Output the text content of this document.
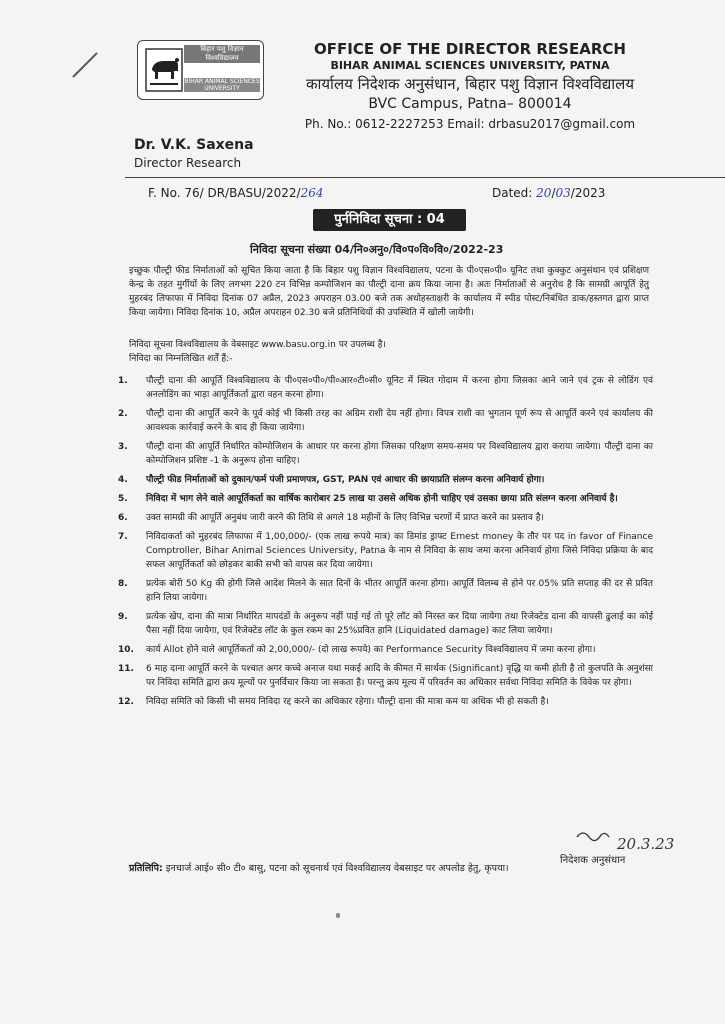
बिहार पशु विज्ञान विश्वविद्यालय
BIHAR ANIMAL SCIENCES UNIVERSITY
OFFICE OF THE DIRECTOR RESEARCH
BIHAR ANIMAL SCIENCES UNIVERSITY, PATNA
कार्यालय निदेशक अनुसंधान, बिहार पशु विज्ञान विश्वविद्यालय
BVC Campus, Patna– 800014
Ph. No.: 0612-2227253 Email: drbasu2017@gmail.com
Dr. V.K. Saxena
Director Research
F. No. 76/ DR/BASU/2022/264	Dated: 20/03/2023
पुर्ननिविदा सूचना : 04
निविदा सूचना संख्या 04/नि०अनु०/वि०प०वि०वि०/2022-23
इच्छुक पौल्ट्री फीड निर्माताओं को सूचित किया जाता है कि बिहार पशु विज्ञान विश्वविद्यालय, पटना के पी०एस०पी० यूनिट तथा कुक्कुट अनुसंधान एवं प्रशिक्षण केन्द्र के तहत मुर्गीयों के लिए लगभग 220 टन विभिन्न कम्पोजिशन का पौल्ट्री दाना क्रय किया जाना है। अतः निर्माताओं से अनुरोध है कि सामग्री आपूर्ति हेतु मुहरबंद लिफाफा में निविदा दिनांक 07 अप्रैल, 2023 अपराहन 03.00 बजे तक अधोहस्ताक्षरी के कार्यालय में स्पीड पोस्ट/निबंधित डाक/हस्तगत द्वारा प्राप्त किया जायेगा। निविदा दिनांक 10, अप्रैल अपराहन 02.30 बजे प्रतिनिधियों की उपस्थिति में खोली जायेगी।
निविदा सूचना विश्वविद्यालय के वेबसाइट www.basu.org.in पर उपलब्ध है।
निविदा का निम्नलिखित शर्तें हैं:-
1.	पौल्ट्री दाना की आपूर्ति विश्वविद्यालय के पी०एस०पी०/पी०आर०टी०सी० यूनिट में स्थित गोदाम में करना होगा जिसका आने जाने एवं ट्रक से लोडिंग एवं अनलोडिंग का भाड़ा आपूर्तिकर्ता द्वारा वहन करना होगा।
2.	पौल्ट्री दाना की आपूर्ति करने के पूर्व कोई भी किसी तरह का अग्रिम राशी देय नहीं होगा। विपत्र राशी का भुगतान पूर्ण रूप से आपूर्ति करने एवं कार्यालय की आवश्यक कार्रवाई करने के बाद ही किया जायेगा।
3.	पौल्ट्री दाना की आपूर्ति निर्धारित कोम्पोजिशन के आधार पर करना होगा जिसका परिक्षण समय-समय पर विश्वविद्यालय द्वारा कराया जायेगा। पौल्ट्री दाना का कोम्पोजिशन प्रशिष्ट -1 के अनुरूप होना चाहिए।
4.	पौल्ट्री फीड निर्माताओं को दुकान/फर्म पंजी प्रमाणपत्र, GST, PAN एवं आधार की छायाप्रति संलग्न करना अनिवार्य होगा।
5.	निविदा में भाग लेने वाले आपूर्तिकर्ता का वार्षिक कारोबार 25 लाख या उससे अधिक होनी चाहिए एवं उसका छाया प्रति संलग्न करना अनिवार्य है।
6.	उक्त सामग्री की आपूर्ति अनुबंध जारी करने की तिथि से अगले 18 महीनों के लिए विभिन्न चरणों में प्राप्त करने का प्रस्ताव है।
7.	निविदाकर्ता को मुहरबंद लिफाफा में 1,00,000/- (एक लाख रूपये मात्र) का डिमांड ड्राफ्ट Ernest money के तौर पर पद in favor of Finance Comptroller, Bihar Animal Sciences University, Patna के नाम से निविदा के साथ जमा करना अनिवार्य होगा जिसे निविदा प्रक्रिया के बाद सफल आपूर्तिकर्ता को छोड़कर बाकी सभी को वापस कर दिया जायेगा।
8.	प्रत्येक बोरी 50 Kg की होगी जिसे आदेश मिलने के सात दिनों के भीतर आपूर्ति करना होगा। आपूर्ति विलम्ब से होने पर 05% प्रति सप्ताह की दर से प्रवित हानि लिया जायेगा।
9.	प्रत्येक खेप, दाना की मात्रा निर्धारित मापदंडों के अनुरूप नहीं पाई गई तो पूरे लॉट को निरस्त कर दिया जायेगा तथा रिजेक्टेड दाना की वापसी ढुलाई का कोई पैसा नहीं दिया जायेगा, एवं रिजेक्टेड लॉट के कुल रकम का 25%प्रवित हानि (Liquidated damage) काट लिया जायेगा।
10.	कार्य Allot होने वाले आपूर्तिकर्ता को 2,00,000/- (दो लाख रूपये) का Performance Security विश्वविद्यालय में जमा करना होगा।
11.	6 माह दाना आपूर्ति करने के पश्चात अगर कच्चे अनाज यथा मकई आदि के कीमत में सार्थक (Significant) वृद्धि या कमी होती है तो कुलपति के अनुशंसा पर निविदा समिति द्वारा क्रय मूल्यों पर पुनर्विचार किया जा सकता है। परन्तु क्रय मूल्य में परिवर्तन का अधिकार सर्वथा निविदा समिति के विवेक पर होगा।
12.	निविदा समिति को किसी भी समय निविदा रद्द करने का अधिकार रहेगा। पौल्ट्री दाना की मात्रा कम या अधिक भी हो सकती है।
20.3.23
निदेशक अनुसंधान
प्रतिलिपि: इनचार्ज आई० सी० टी० बासु, पटना को सूचनार्थ एवं विश्वविद्यालय वेबसाइट पर अपलोड हेतु, कृपया।
